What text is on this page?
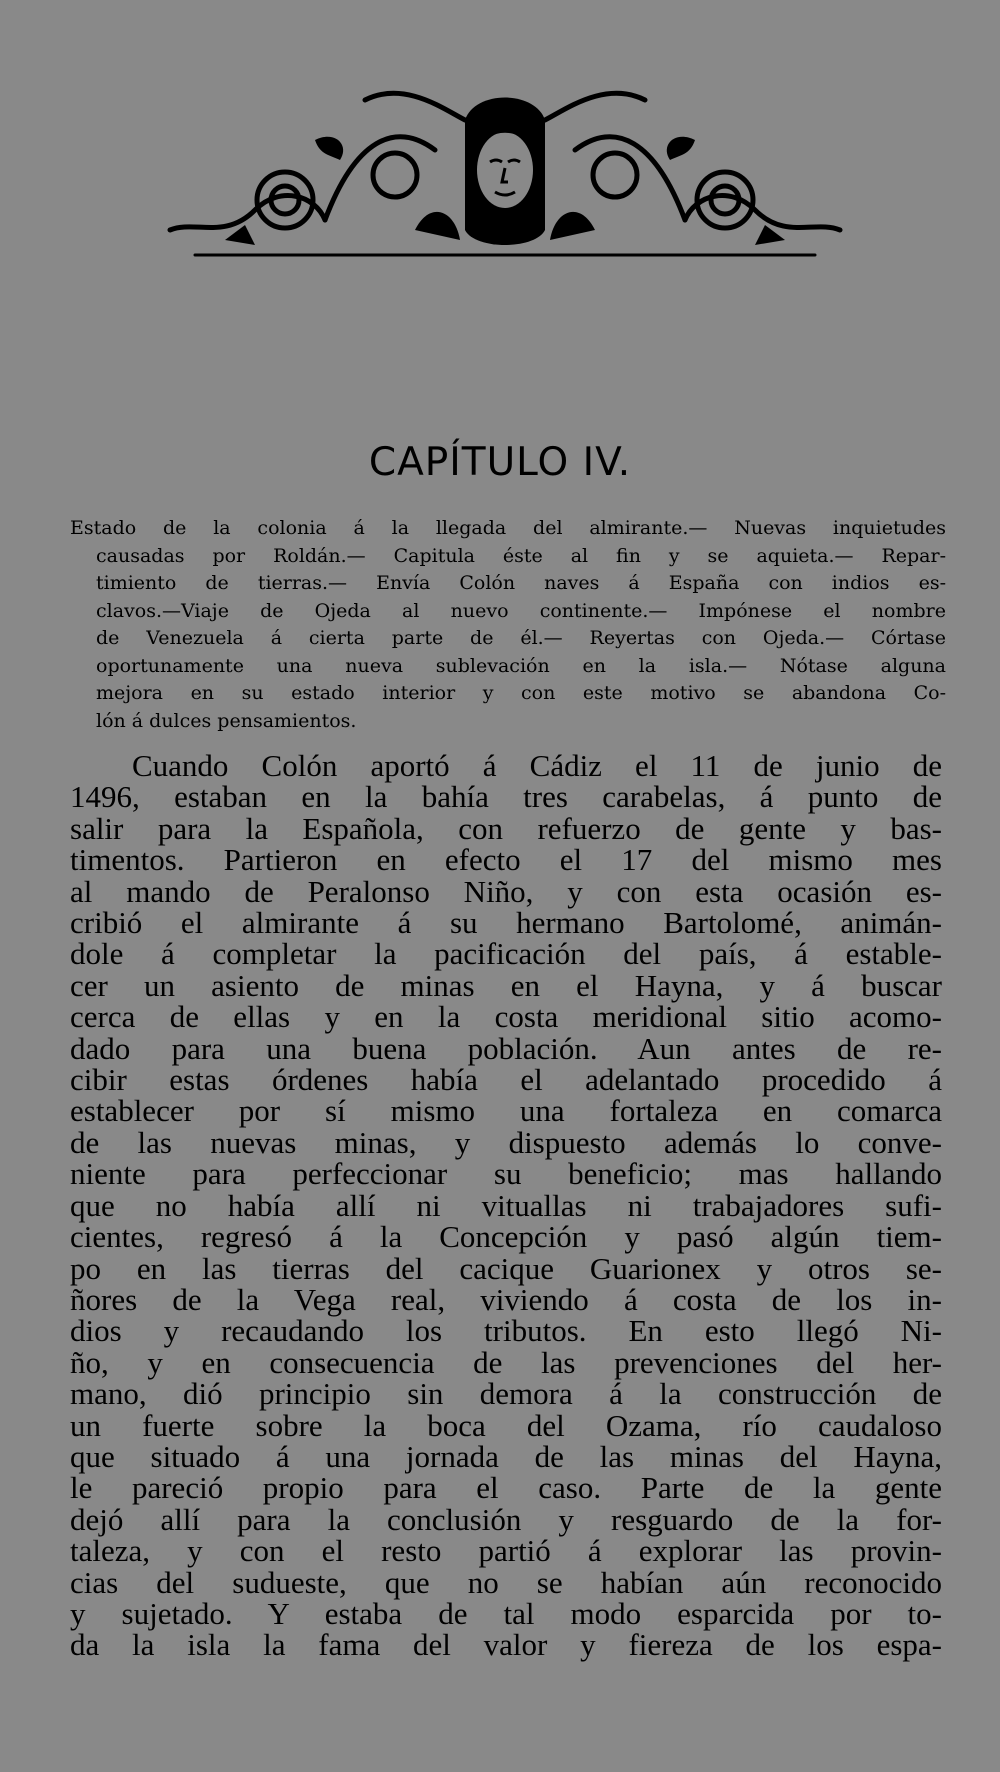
CAPÍTULO IV.
Estado de la colonia á la llegada del almirante.— Nuevas inquietudes
causadas por Roldán.— Capitula éste al fin y se aquieta.— Repar-
timiento de tierras.— Envía Colón naves á España con indios es-
clavos.—Viaje de Ojeda al nuevo continente.— Impónese el nombre
de Venezuela á cierta parte de él.— Reyertas con Ojeda.— Córtase
oportunamente una nueva sublevación en la isla.— Nótase alguna
mejora en su estado interior y con este motivo se abandona Co-
lón á dulces pensamientos.
Cuando Colón aportó á Cádiz el 11 de junio de
1496, estaban en la bahía tres carabelas, á punto de
salir para la Española, con refuerzo de gente y bas-
timentos. Partieron en efecto el 17 del mismo mes
al mando de Peralonso Niño, y con esta ocasión es-
cribió el almirante á su hermano Bartolomé, animán-
dole á completar la pacificación del país, á estable-
cer un asiento de minas en el Hayna, y á buscar
cerca de ellas y en la costa meridional sitio acomo-
dado para una buena población. Aun antes de re-
cibir estas órdenes había el adelantado procedido á
establecer por sí mismo una fortaleza en comarca
de las nuevas minas, y dispuesto además lo conve-
niente para perfeccionar su beneficio; mas hallando
que no había allí ni vituallas ni trabajadores sufi-
cientes, regresó á la Concepción y pasó algún tiem-
po en las tierras del cacique Guarionex y otros se-
ñores de la Vega real, viviendo á costa de los in-
dios y recaudando los tributos. En esto llegó Ni-
ño, y en consecuencia de las prevenciones del her-
mano, dió principio sin demora á la construcción de
un fuerte sobre la boca del Ozama, río caudaloso
que situado á una jornada de las minas del Hayna,
le pareció propio para el caso. Parte de la gente
dejó allí para la conclusión y resguardo de la for-
taleza, y con el resto partió á explorar las provin-
cias del sudueste, que no se habían aún reconocido
y sujetado. Y estaba de tal modo esparcida por to-
da la isla la fama del valor y fiereza de los espa-
